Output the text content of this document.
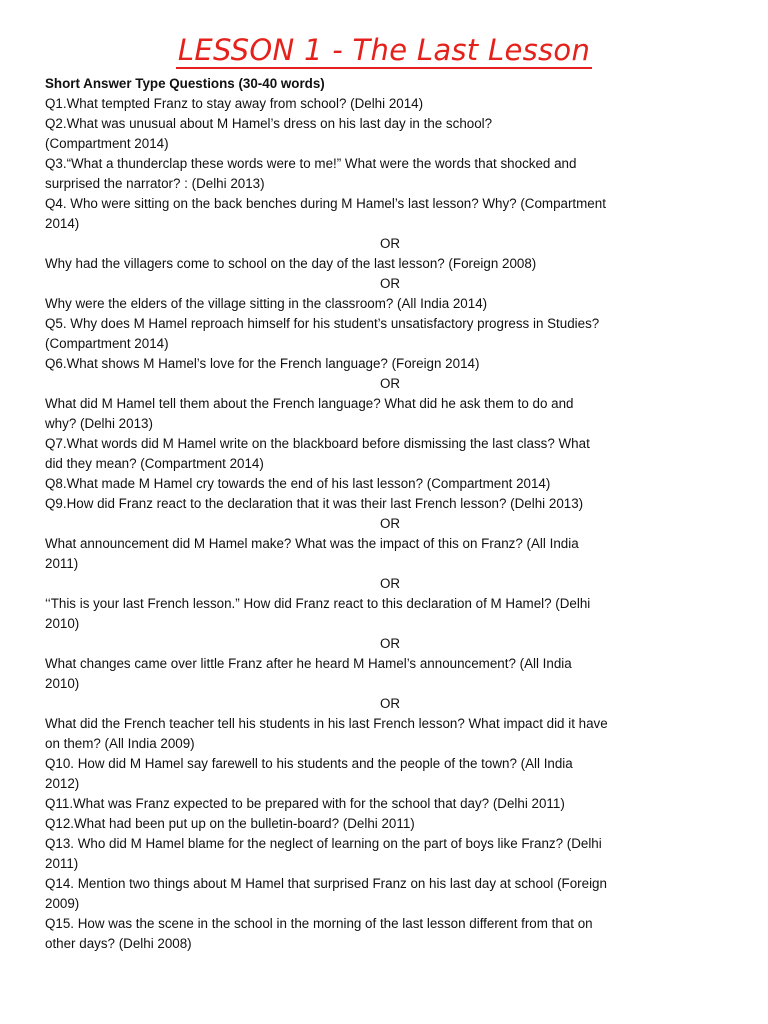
LESSON 1 - The Last Lesson
Short Answer Type Questions (30-40 words)
Q1.What tempted Franz to stay away from school? (Delhi 2014)
Q2.What was unusual about M Hamel’s dress on his last day in the school?
(Compartment 2014)
Q3.“What a thunderclap these words were to me!” What were the words that shocked and
surprised the narrator? : (Delhi 2013)
Q4. Who were sitting on the back benches during M Hamel’s last lesson? Why? (Compartment
2014)
OR
Why had the villagers come to school on the day of the last lesson? (Foreign 2008)
OR
Why were the elders of the village sitting in the classroom? (All India 2014)
Q5. Why does M Hamel reproach himself for his student’s unsatisfactory progress in Studies?
(Compartment 2014)
Q6.What shows M Hamel’s love for the French language? (Foreign 2014)
OR
What did M Hamel tell them about the French language? What did he ask them to do and
why? (Delhi 2013)
Q7.What words did M Hamel write on the blackboard before dismissing the last class? What
did they mean? (Compartment 2014)
Q8.What made M Hamel cry towards the end of his last lesson? (Compartment 2014)
Q9.How did Franz react to the declaration that it was their last French lesson? (Delhi 2013)
OR
What announcement did M Hamel make? What was the impact of this on Franz? (All India
2011)
OR
‘‘This is your last French lesson.” How did Franz react to this declaration of M Hamel? (Delhi
2010)
OR
What changes came over little Franz after he heard M Hamel’s announcement? (All India
2010)
OR
What did the French teacher tell his students in his last French lesson? What impact did it have
on them? (All India 2009)
Q10. How did M Hamel say farewell to his students and the people of the town? (All India
2012)
Q11.What was Franz expected to be prepared with for the school that day? (Delhi 2011)
Q12.What had been put up on the bulletin-board? (Delhi 2011)
Q13. Who did M Hamel blame for the neglect of learning on the part of boys like Franz? (Delhi
2011)
Q14. Mention two things about M Hamel that surprised Franz on his last day at school (Foreign
2009)
Q15. How was the scene in the school in the morning of the last lesson different from that on
other days? (Delhi 2008)
